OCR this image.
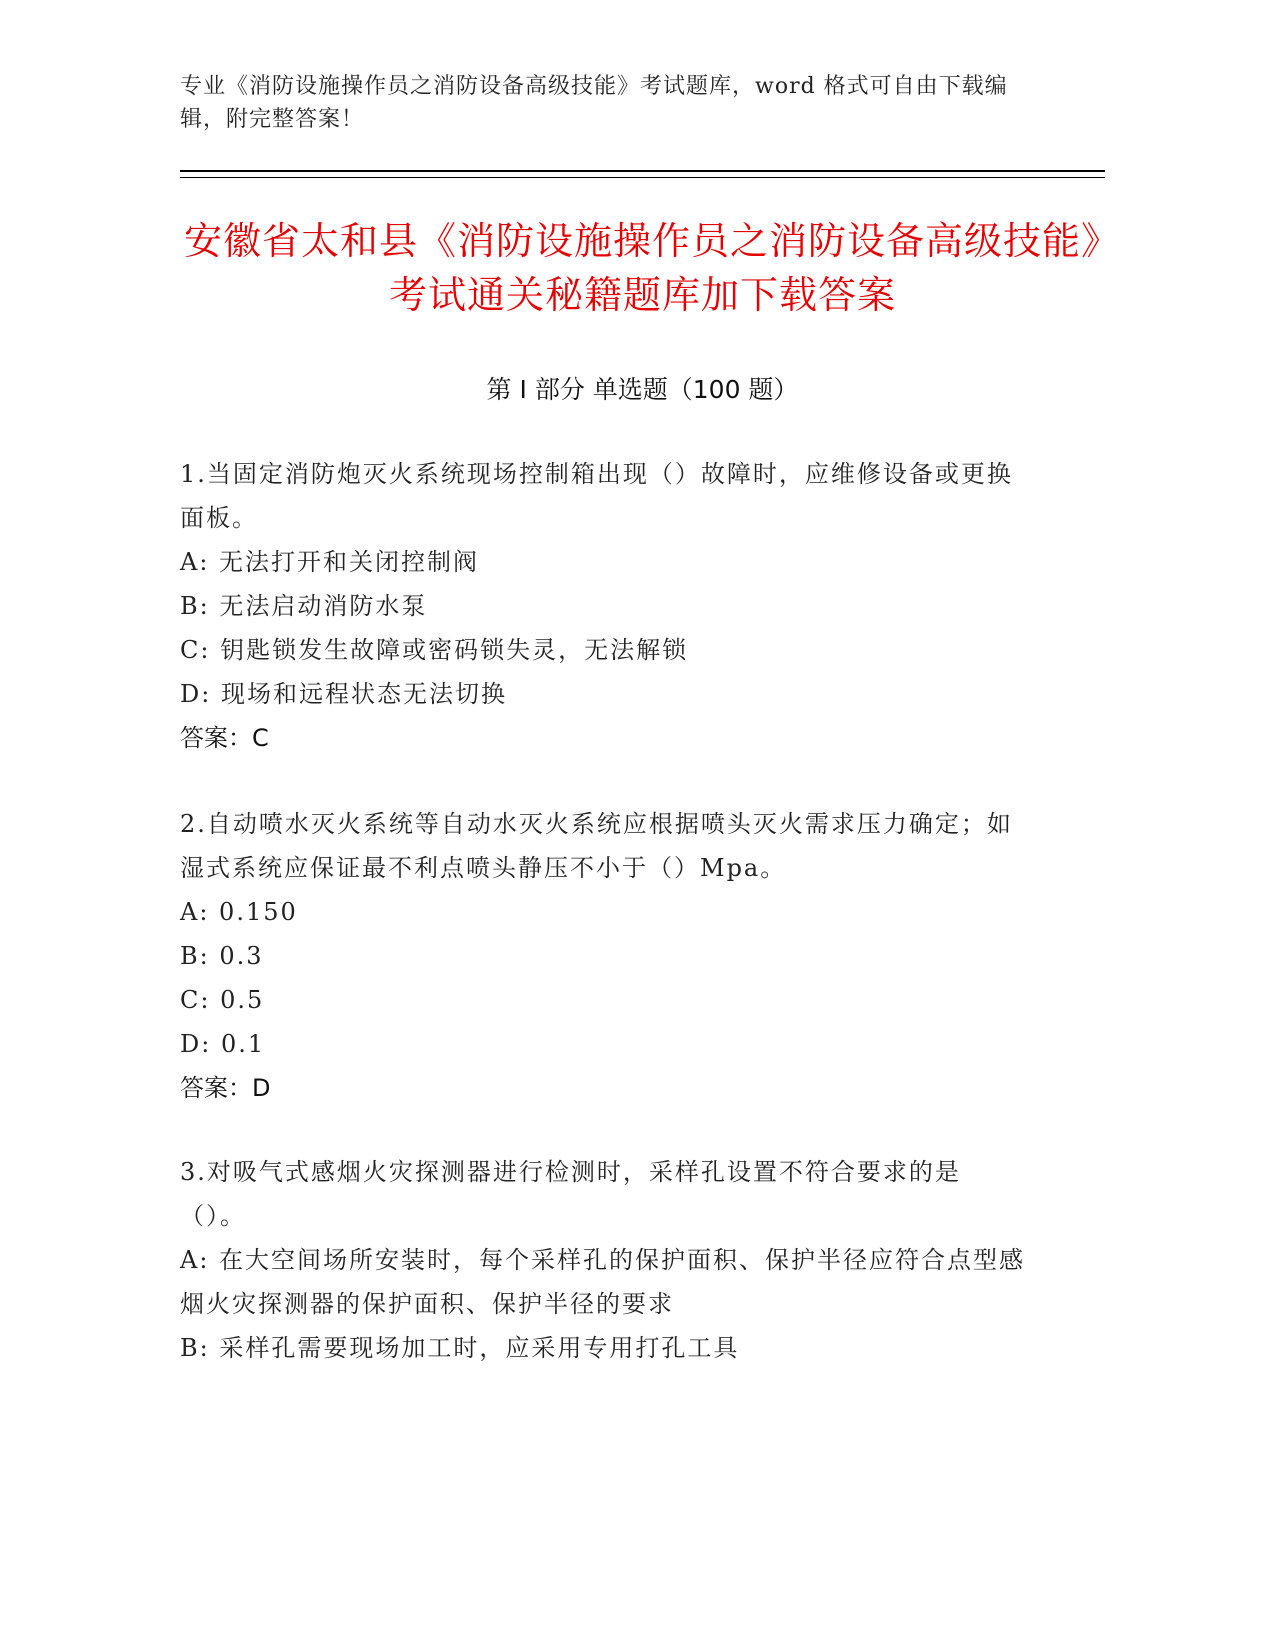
专业《消防设施操作员之消防设备高级技能》考试题库，word 格式可自由下载编辑，附完整答案！
安徽省太和县《消防设施操作员之消防设备高级技能》考试通关秘籍题库加下载答案
第 I 部分 单选题（100 题）

1.当固定消防炮灭火系统现场控制箱出现（）故障时，应维修设备或更换面板。

A: 无法打开和关闭控制阀

B: 无法启动消防水泵

C: 钥匙锁发生故障或密码锁失灵，无法解锁

D: 现场和远程状态无法切换

答案：C

2.自动喷水灭火系统等自动水灭火系统应根据喷头灭火需求压力确定；如湿式系统应保证最不利点喷头静压不小于（）Mpa。

A: 0.150

B: 0.3

C: 0.5

D: 0.1

答案：D

3.对吸气式感烟火灾探测器进行检测时，采样孔设置不符合要求的是（）。

A: 在大空间场所安装时，每个采样孔的保护面积、保护半径应符合点型感烟火灾探测器的保护面积、保护半径的要求

B: 采样孔需要现场加工时，应采用专用打孔工具
